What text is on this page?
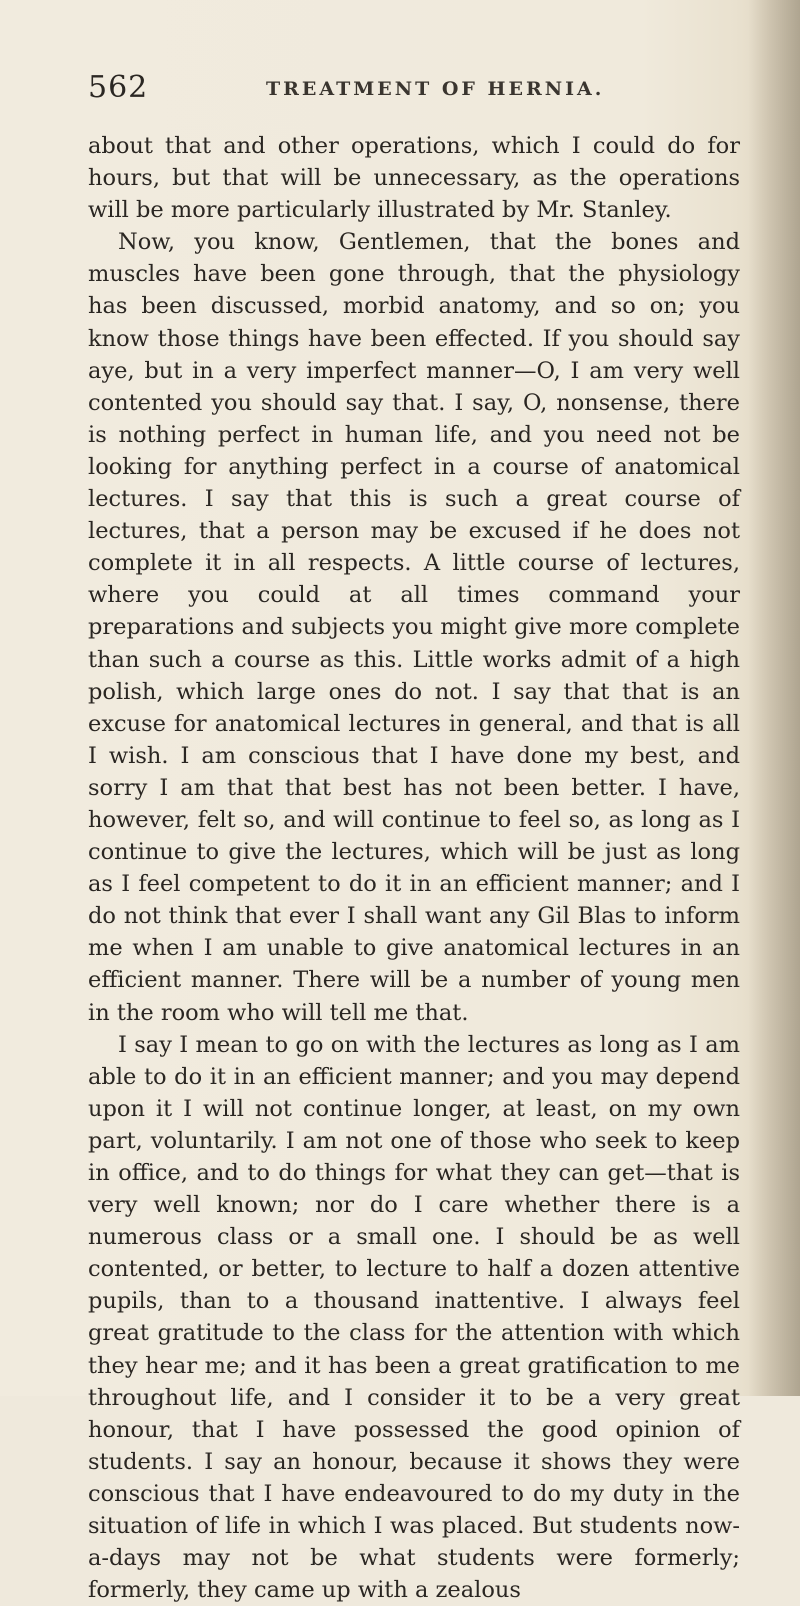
562	TREATMENT OF HERNIA.

about that and other operations, which I could do for hours, but that will be unnecessary, as the operations will be more particularly illustrated by Mr. Stanley.

Now, you know, Gentlemen, that the bones and muscles have been gone through, that the physiology has been discussed, morbid anatomy, and so on; you know those things have been effected. If you should say aye, but in a very imperfect manner—O, I am very well contented you should say that. I say, O, nonsense, there is nothing perfect in human life, and you need not be looking for anything perfect in a course of anatomical lectures. I say that this is such a great course of lectures, that a person may be excused if he does not complete it in all respects. A little course of lectures, where you could at all times command your preparations and subjects you might give more complete than such a course as this. Little works admit of a high polish, which large ones do not. I say that that is an excuse for anatomical lectures in general, and that is all I wish. I am conscious that I have done my best, and sorry I am that that best has not been better. I have, however, felt so, and will continue to feel so, as long as I continue to give the lectures, which will be just as long as I feel competent to do it in an efficient manner; and I do not think that ever I shall want any Gil Blas to inform me when I am unable to give anatomical lectures in an efficient manner. There will be a number of young men in the room who will tell me that.

I say I mean to go on with the lectures as long as I am able to do it in an efficient manner; and you may depend upon it I will not continue longer, at least, on my own part, voluntarily. I am not one of those who seek to keep in office, and to do things for what they can get—that is very well known; nor do I care whether there is a numerous class or a small one. I should be as well contented, or better, to lecture to half a dozen attentive pupils, than to a thousand inattentive. I always feel great gratitude to the class for the attention with which they hear me; and it has been a great gratification to me throughout life, and I consider it to be a very great honour, that I have possessed the good opinion of students. I say an honour, because it shows they were conscious that I have endeavoured to do my duty in the situation of life in which I was placed. But students now-a-days may not be what students were formerly; formerly, they came up with a zealous
